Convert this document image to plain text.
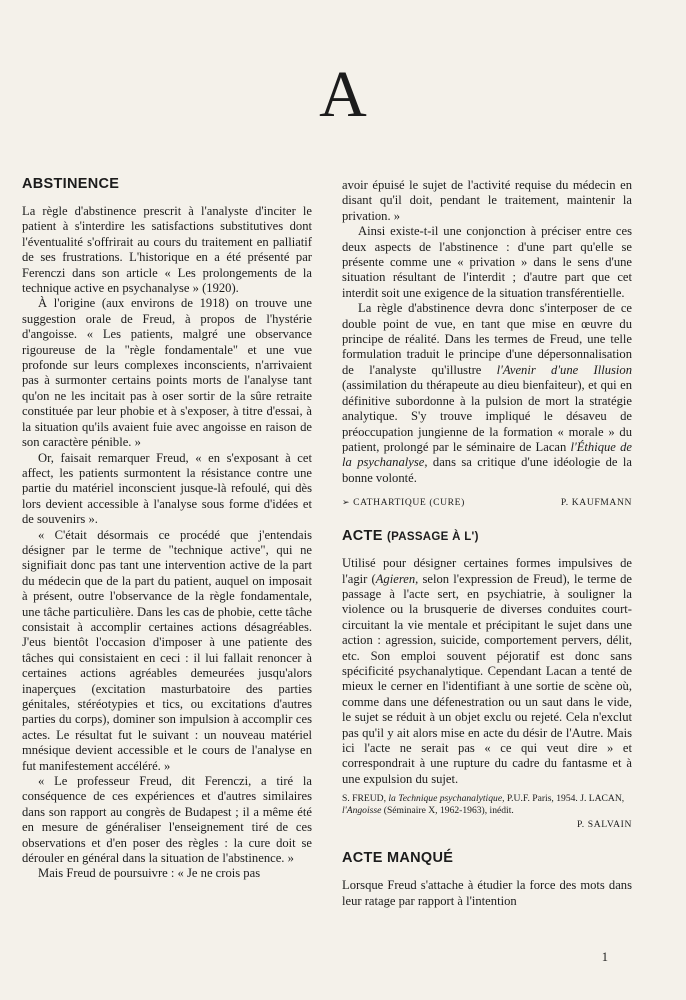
A
ABSTINENCE

La règle d'abstinence prescrit à l'analyste d'inciter le patient à s'interdire les satisfactions substitutives dont l'éventualité s'offrirait au cours du traitement en palliatif de ses frustrations. L'historique en a été présenté par Ferenczi dans son article « Les prolongements de la technique active en psychanalyse » (1920).

À l'origine (aux environs de 1918) on trouve une suggestion orale de Freud, à propos de l'hystérie d'angoisse. « Les patients, malgré une observance rigoureuse de la "règle fondamentale" et une vue profonde sur leurs complexes inconscients, n'arrivaient pas à surmonter certains points morts de l'analyse tant qu'on ne les incitait pas à oser sortir de la sûre retraite constituée par leur phobie et à s'exposer, à titre d'essai, à la situation qu'ils avaient fuie avec angoisse en raison de son caractère pénible. »

Or, faisait remarquer Freud, « en s'exposant à cet affect, les patients surmontent la résistance contre une partie du matériel inconscient jusque-là refoulé, qui dès lors devient accessible à l'analyse sous forme d'idées et de souvenirs ».

« C'était désormais ce procédé que j'entendais désigner par le terme de "technique active", qui ne signifiait donc pas tant une intervention active de la part du médecin que de la part du patient, auquel on imposait à présent, outre l'observance de la règle fondamentale, une tâche particulière. Dans les cas de phobie, cette tâche consistait à accomplir certaines actions désagréables. J'eus bientôt l'occasion d'imposer à une patiente des tâches qui consistaient en ceci : il lui fallait renoncer à certaines actions agréables demeurées jusqu'alors inaperçues (excitation masturbatoire des parties génitales, stéréotypies et tics, ou excitations d'autres parties du corps), dominer son impulsion à accomplir ces actes. Le résultat fut le suivant : un nouveau matériel mnésique devient accessible et le cours de l'analyse en fut manifestement accéléré. »

« Le professeur Freud, dit Ferenczi, a tiré la conséquence de ces expériences et d'autres similaires dans son rapport au congrès de Budapest ; il a même été en mesure de généraliser l'enseignement tiré de ces observations et d'en poser des règles : la cure doit se dérouler en général dans la situation de l'abstinence. »

Mais Freud de poursuivre : « Je ne crois pas

avoir épuisé le sujet de l'activité requise du médecin en disant qu'il doit, pendant le traitement, maintenir la privation. »

Ainsi existe-t-il une conjonction à préciser entre ces deux aspects de l'abstinence : d'une part qu'elle se présente comme une « privation » dans le sens d'une situation résultant de l'interdit ; d'autre part que cet interdit soit une exigence de la situation transférentielle.

La règle d'abstinence devra donc s'interposer de ce double point de vue, en tant que mise en œuvre du principe de réalité. Dans les termes de Freud, une telle formulation traduit le principe d'une dépersonnalisation de l'analyste qu'illustre l'Avenir d'une Illusion (assimilation du thérapeute au dieu bienfaiteur), et qui en définitive subordonne à la pulsion de mort la stratégie analytique. S'y trouve impliqué le désaveu de préoccupation jungienne de la formation « morale » du patient, prolongé par le séminaire de Lacan l'Éthique de la psychanalyse, dans sa critique d'une idéologie de la bonne volonté.

➢ CATHARTIQUE (CURE)	P. KAUFMANN
ACTE (PASSAGE À L')

Utilisé pour désigner certaines formes impulsives de l'agir (Agieren, selon l'expression de Freud), le terme de passage à l'acte sert, en psychiatrie, à souligner la violence ou la brusquerie de diverses conduites court-circuitant la vie mentale et précipitant le sujet dans une action : agression, suicide, comportement pervers, délit, etc. Son emploi souvent péjoratif est donc sans spécificité psychanalytique. Cependant Lacan a tenté de mieux le cerner en l'identifiant à une sortie de scène où, comme dans une défenestration ou un saut dans le vide, le sujet se réduit à un objet exclu ou rejeté. Cela n'exclut pas qu'il y ait alors mise en acte du désir de l'Autre. Mais ici l'acte ne serait pas « ce qui veut dire » et correspondrait à une rupture du cadre du fantasme et à une expulsion du sujet.

S. FREUD, la Technique psychanalytique, P.U.F. Paris, 1954. J. LACAN, l'Angoisse (Séminaire X, 1962-1963), inédit.
P. SALVAIN
ACTE MANQUÉ

Lorsque Freud s'attache à étudier la force des mots dans leur ratage par rapport à l'intention

1
